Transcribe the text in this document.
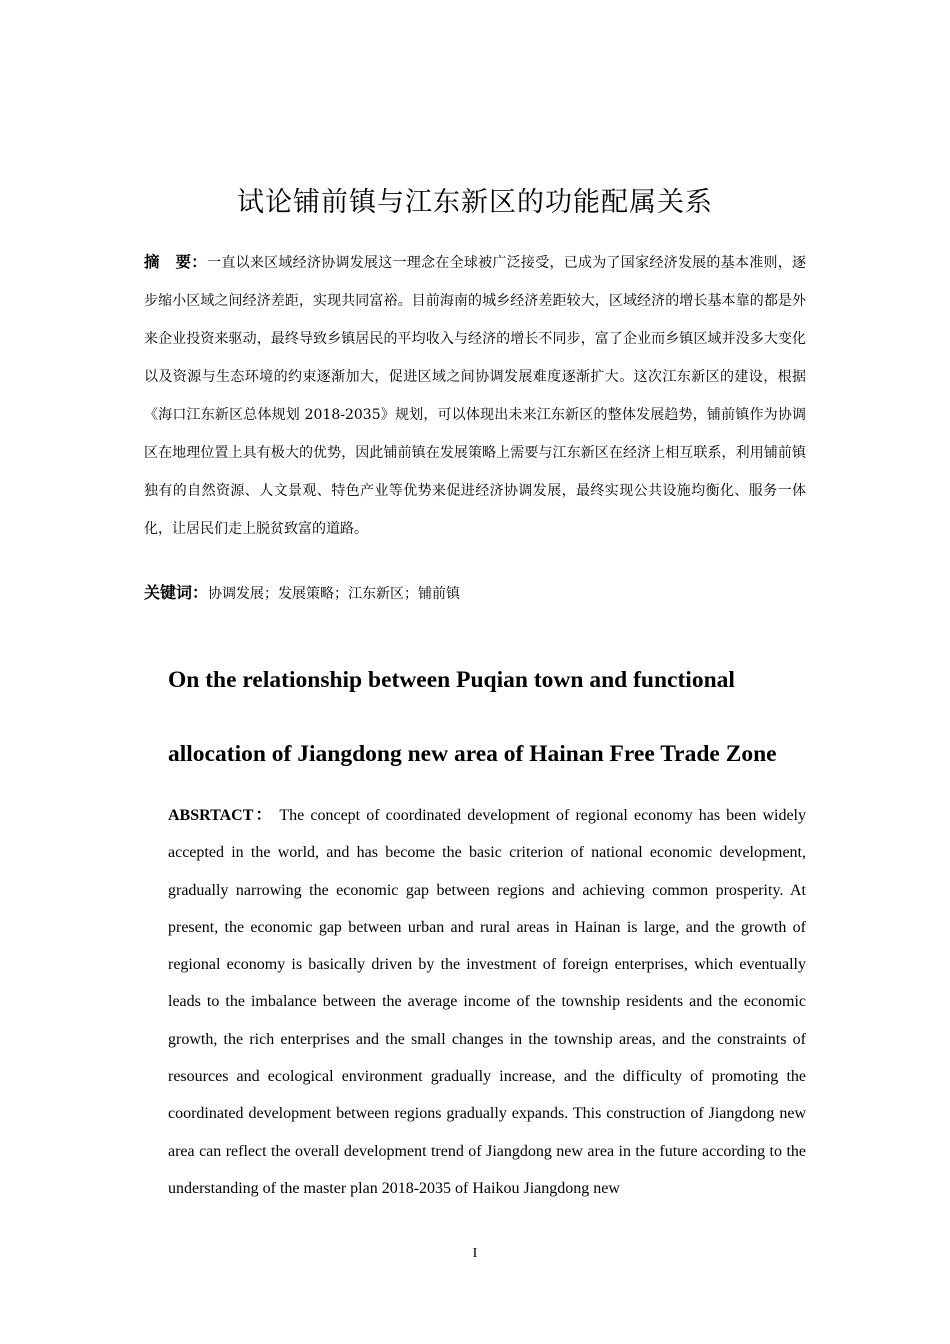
试论铺前镇与江东新区的功能配属关系

摘　要：一直以来区域经济协调发展这一理念在全球被广泛接受，已成为了国家经济发展的基本准则，逐步缩小区域之间经济差距，实现共同富裕。目前海南的城乡经济差距较大，区域经济的增长基本靠的都是外来企业投资来驱动，最终导致乡镇居民的平均收入与经济的增长不同步，富了企业而乡镇区域并没多大变化以及资源与生态环境的约束逐渐加大，促进区域之间协调发展难度逐渐扩大。这次江东新区的建设，根据《海口江东新区总体规划 2018-2035》规划，可以体现出未来江东新区的整体发展趋势，铺前镇作为协调区在地理位置上具有极大的优势，因此铺前镇在发展策略上需要与江东新区在经济上相互联系，利用铺前镇独有的自然资源、人文景观、特色产业等优势来促进经济协调发展，最终实现公共设施均衡化、服务一体化，让居民们走上脱贫致富的道路。

关键词：协调发展；发展策略；江东新区；铺前镇

On the relationship between Puqian town and functional allocation of Jiangdong new area of Hainan Free Trade Zone

ABSRTACT： The concept of coordinated development of regional economy has been widely accepted in the world, and has become the basic criterion of national economic development, gradually narrowing the economic gap between regions and achieving common prosperity. At present, the economic gap between urban and rural areas in Hainan is large, and the growth of regional economy is basically driven by the investment of foreign enterprises, which eventually leads to the imbalance between the average income of the township residents and the economic growth, the rich enterprises and the small changes in the township areas, and the constraints of resources and ecological environment gradually increase, and the difficulty of promoting the coordinated development between regions gradually expands. This construction of Jiangdong new area can reflect the overall development trend of Jiangdong new area in the future according to the understanding of the master plan 2018-2035 of Haikou Jiangdong new

I
